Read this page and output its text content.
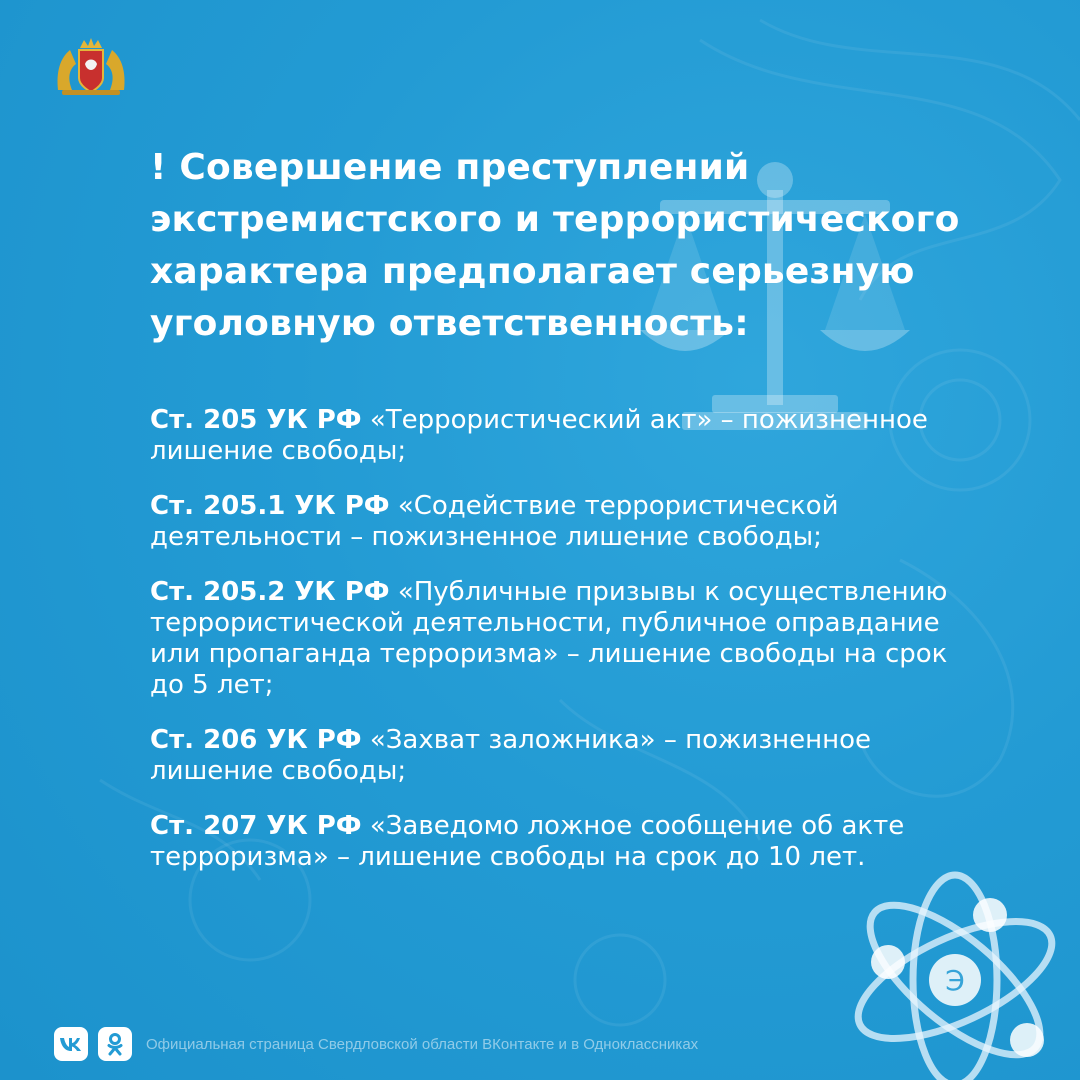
Э
! Совершение преступлений экстремистского и террористического характера предполагает серьезную уголовную ответственность:

Ст. 205 УК РФ «Террористический акт» – пожизненное лишение свободы;

Ст. 205.1 УК РФ «Содействие террористической деятельности – пожизненное лишение свободы;

Ст. 205.2 УК РФ «Публичные призывы к осуществлению террористической деятельности, публичное оправдание или пропаганда терроризма» – лишение свободы на срок до 5 лет;

Ст. 206 УК РФ «Захват заложника» – пожизненное лишение свободы;

Ст. 207 УК РФ «Заведомо ложное сообщение об акте терроризма» – лишение свободы на срок до 10 лет.

Официальная страница Свердловской области ВКонтакте и в Одноклассниках
